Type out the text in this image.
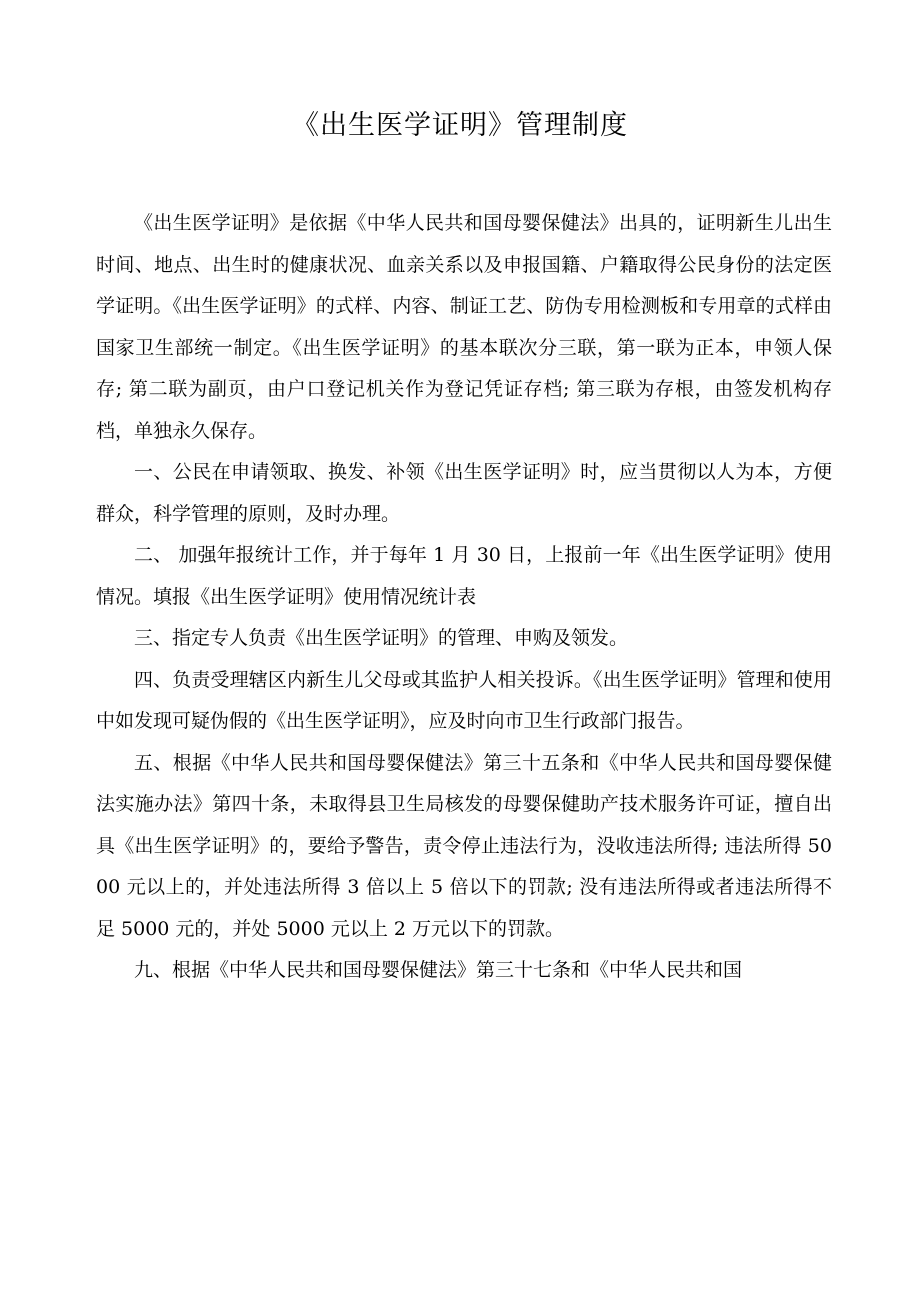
《出生医学证明》管理制度

《出生医学证明》是依据《中华人民共和国母婴保健法》出具的，证明新生儿出生时间、地点、出生时的健康状况、血亲关系以及申报国籍、户籍取得公民身份的法定医学证明。《出生医学证明》的式样、内容、制证工艺、防伪专用检测板和专用章的式样由国家卫生部统一制定。《出生医学证明》的基本联次分三联，第一联为正本，申领人保存; 第二联为副页，由户口登记机关作为登记凭证存档; 第三联为存根，由签发机构存档，单独永久保存。

一、公民在申请领取、换发、补领《出生医学证明》时，应当贯彻以人为本，方便群众，科学管理的原则，及时办理。

二、 加强年报统计工作，并于每年 1 月 30 日，上报前一年《出生医学证明》使用情况。填报《出生医学证明》使用情况统计表

三、指定专人负责《出生医学证明》的管理、申购及领发。

四、负责受理辖区内新生儿父母或其监护人相关投诉。《出生医学证明》管理和使用中如发现可疑伪假的《出生医学证明》，应及时向市卫生行政部门报告。

五、根据《中华人民共和国母婴保健法》第三十五条和《中华人民共和国母婴保健法实施办法》第四十条，未取得县卫生局核发的母婴保健助产技术服务许可证，擅自出具《出生医学证明》的，要给予警告，责令停止违法行为，没收违法所得; 违法所得 5000 元以上的，并处违法所得 3 倍以上 5 倍以下的罚款; 没有违法所得或者违法所得不足 5000 元的，并处 5000 元以上 2 万元以下的罚款。

九、根据《中华人民共和国母婴保健法》第三十七条和《中华人民共和国
